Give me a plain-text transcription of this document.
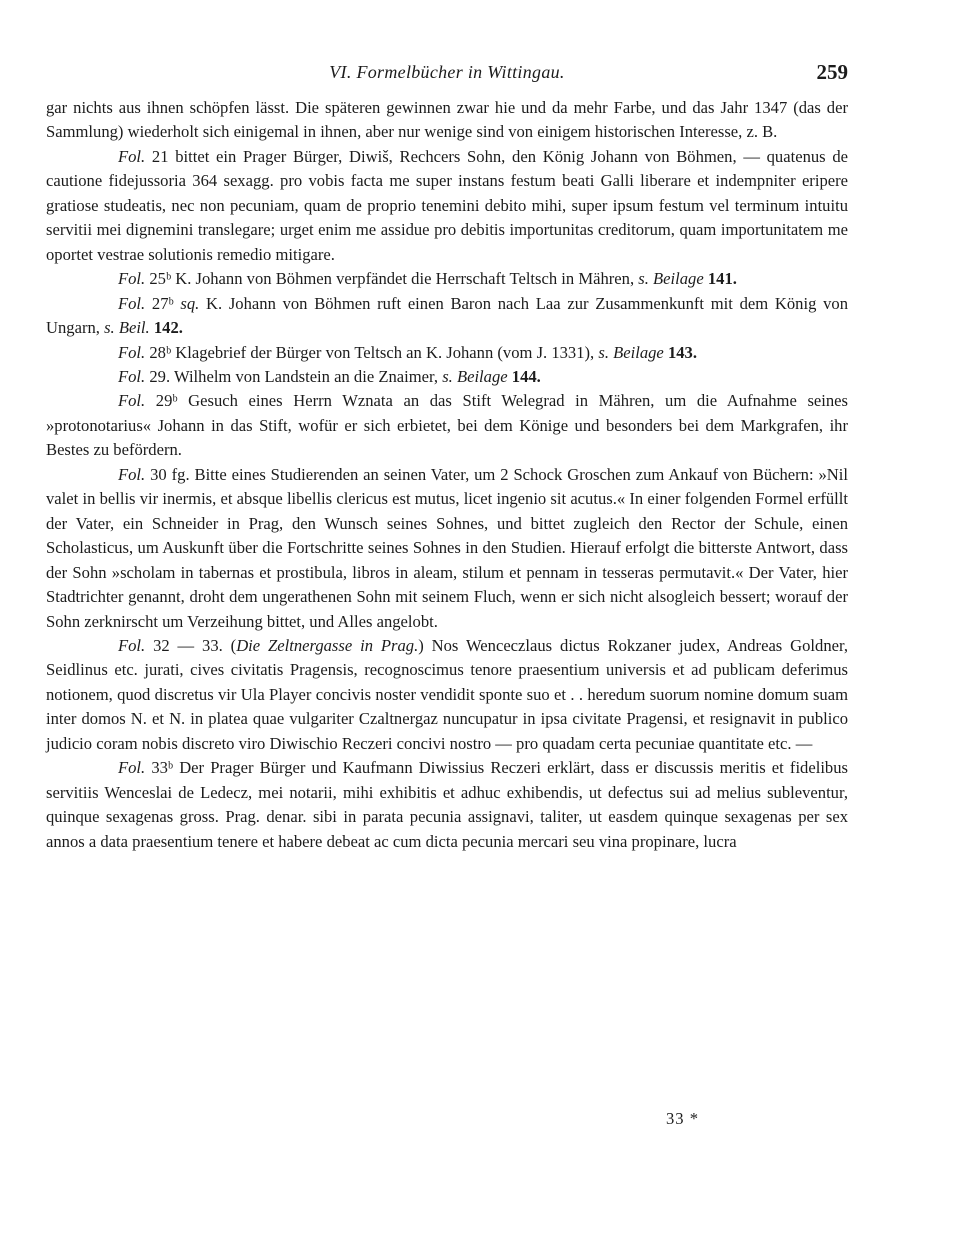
VI. Formelbücher in Wittingau.	259

gar nichts aus ihnen schöpfen lässt. Die späteren gewinnen zwar hie und da mehr Farbe, und das Jahr 1347 (das der Sammlung) wiederholt sich einigemal in ihnen, aber nur wenige sind von einigem historischen Interesse, z. B.

Fol. 21 bittet ein Prager Bürger, Diwiš, Rechcers Sohn, den König Johann von Böhmen, — quatenus de cautione fidejussoria 364 sexagg. pro vobis facta me super instans festum beati Galli liberare et indempniter eripere gratiose studeatis, nec non pecuniam, quam de proprio tenemini debito mihi, super ipsum festum vel terminum intuitu servitii mei dignemini translegare; urget enim me assidue pro debitis importunitas creditorum, quam importunitatem me oportet vestrae solutionis remedio mitigare.

Fol. 25ᵇ K. Johann von Böhmen verpfändet die Herrschaft Teltsch in Mähren, s. Beilage 141.

Fol. 27ᵇ sq. K. Johann von Böhmen ruft einen Baron nach Laa zur Zusammenkunft mit dem König von Ungarn, s. Beil. 142.

Fol. 28ᵇ Klagebrief der Bürger von Teltsch an K. Johann (vom J. 1331), s. Beilage 143.

Fol. 29. Wilhelm von Landstein an die Znaimer, s. Beilage 144.

Fol. 29ᵇ Gesuch eines Herrn Wznata an das Stift Welegrad in Mähren, um die Aufnahme seines »protonotarius« Johann in das Stift, wofür er sich erbietet, bei dem Könige und besonders bei dem Markgrafen, ihr Bestes zu befördern.

Fol. 30 fg. Bitte eines Studierenden an seinen Vater, um 2 Schock Groschen zum Ankauf von Büchern: »Nil valet in bellis vir inermis, et absque libellis clericus est mutus, licet ingenio sit acutus.« In einer folgenden Formel erfüllt der Vater, ein Schneider in Prag, den Wunsch seines Sohnes, und bittet zugleich den Rector der Schule, einen Scholasticus, um Auskunft über die Fortschritte seines Sohnes in den Studien. Hierauf erfolgt die bitterste Antwort, dass der Sohn »scholam in tabernas et prostibula, libros in aleam, stilum et pennam in tesseras permutavit.« Der Vater, hier Stadtrichter genannt, droht dem ungerathenen Sohn mit seinem Fluch, wenn er sich nicht alsogleich bessert; worauf der Sohn zerknirscht um Verzeihung bittet, und Alles angelobt.

Fol. 32 — 33. (Die Zeltnergasse in Prag.) Nos Wenceczlaus dictus Rokzaner judex, Andreas Goldner, Seidlinus etc. jurati, cives civitatis Pragensis, recognoscimus tenore praesentium universis et ad publicam deferimus notionem, quod discretus vir Ula Player concivis noster vendidit sponte suo et . . heredum suorum nomine domum suam inter domos N. et N. in platea quae vulgariter Czaltnergaz nuncupatur in ipsa civitate Pragensi, et resignavit in publico judicio coram nobis discreto viro Diwischio Reczeri concivi nostro — pro quadam certa pecuniae quantitate etc. —

Fol. 33ᵇ Der Prager Bürger und Kaufmann Diwissius Reczeri erklärt, dass er discussis meritis et fidelibus servitiis Wenceslai de Ledecz, mei notarii, mihi exhibitis et adhuc exhibendis, ut defectus sui ad melius subleventur, quinque sexagenas gross. Prag. denar. sibi in parata pecunia assignavi, taliter, ut easdem quinque sexagenas per sex annos a data praesentium tenere et habere debeat ac cum dicta pecunia mercari seu vina propinare, lucra

33 *
